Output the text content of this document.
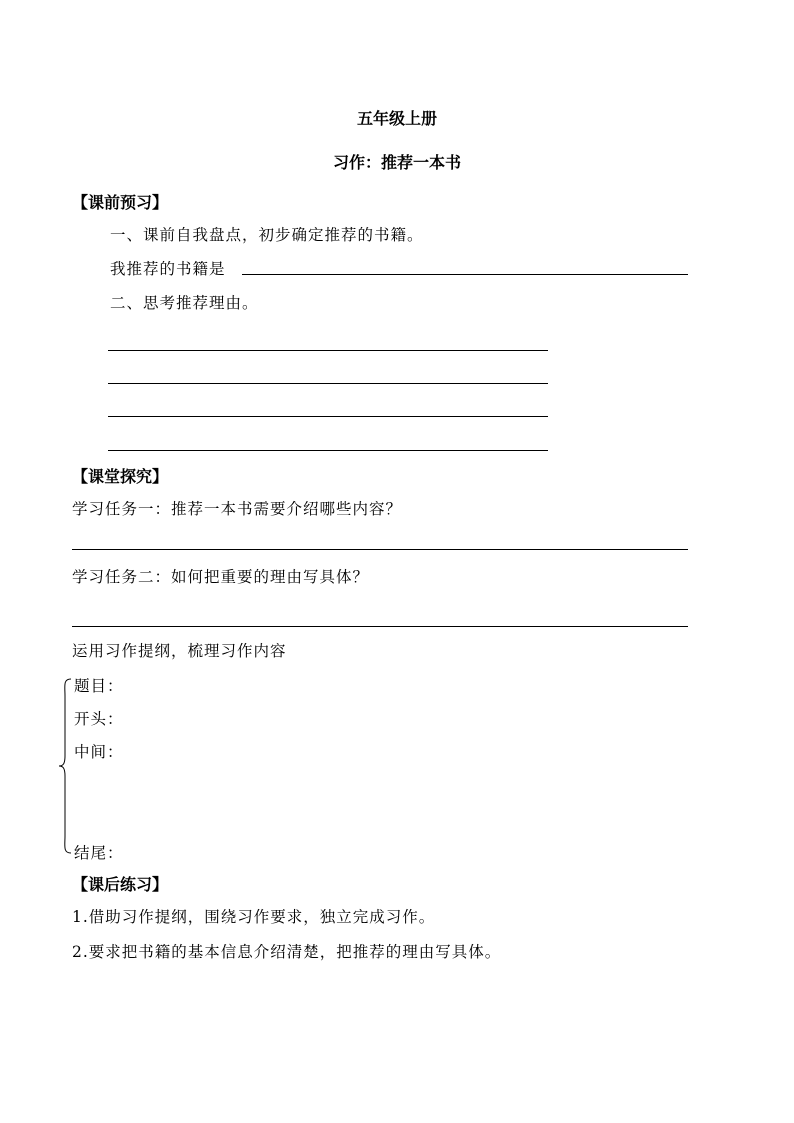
五年级上册
习作：推荐一本书
【课前预习】
一、课前自我盘点，初步确定推荐的书籍。
我推荐的书籍是
二、思考推荐理由。
【课堂探究】
学习任务一：推荐一本书需要介绍哪些内容？
学习任务二：如何把重要的理由写具体？
运用习作提纲，梳理习作内容
题目：
开头：
中间：
结尾：
【课后练习】
1.借助习作提纲，围绕习作要求，独立完成习作。
2.要求把书籍的基本信息介绍清楚，把推荐的理由写具体。
